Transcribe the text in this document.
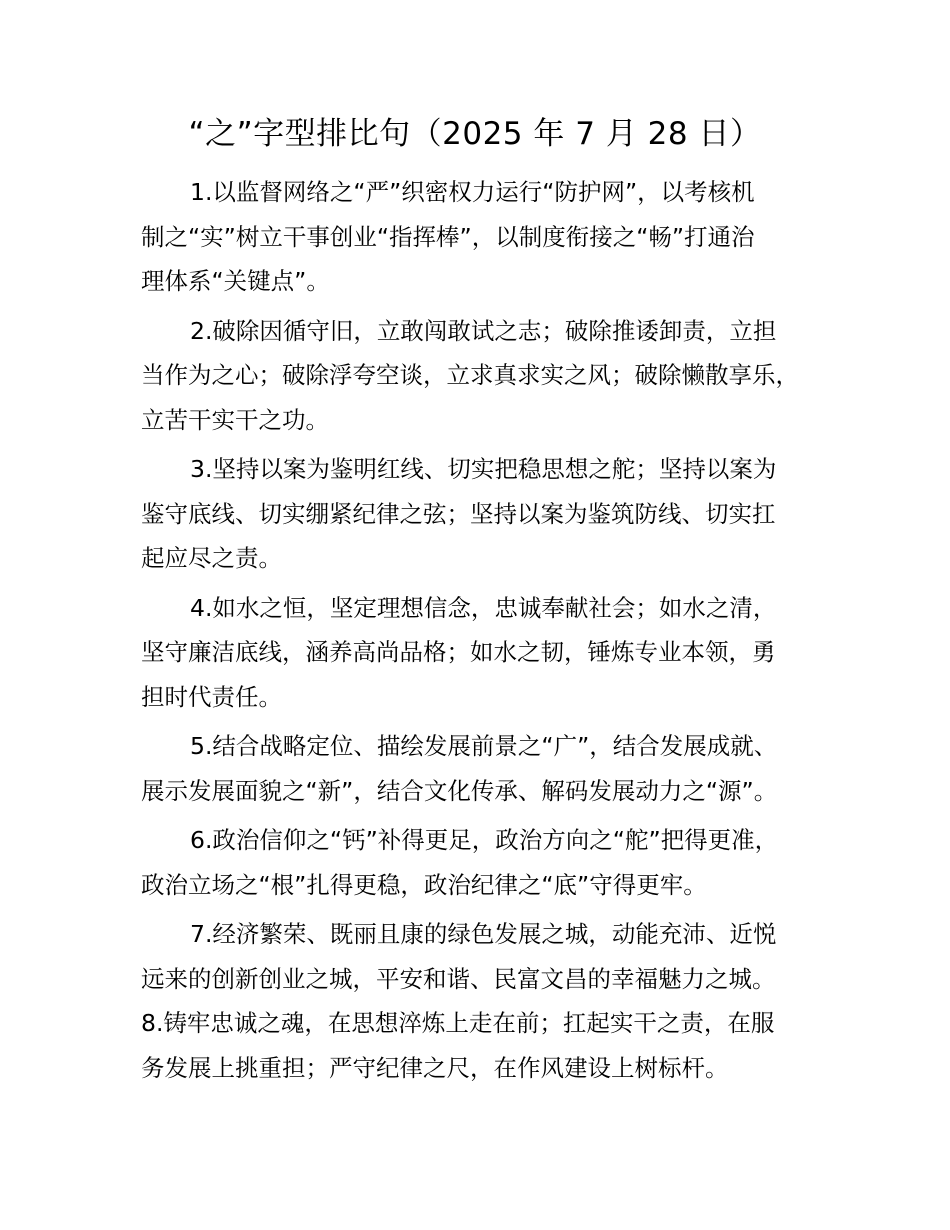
“之”字型排比句（2025 年 7 月 28 日）

1.以监督网络之“严”织密权力运行“防护网”，以考核机
制之“实”树立干事创业“指挥棒”，以制度衔接之“畅”打通治
理体系“关键点”。

2.破除因循守旧，立敢闯敢试之志；破除推诿卸责，立担
当作为之心；破除浮夸空谈，立求真求实之风；破除懒散享乐，
立苦干实干之功。

3.坚持以案为鉴明红线、切实把稳思想之舵；坚持以案为
鉴守底线、切实绷紧纪律之弦；坚持以案为鉴筑防线、切实扛
起应尽之责。

4.如水之恒，坚定理想信念，忠诚奉献社会；如水之清，
坚守廉洁底线，涵养高尚品格；如水之韧，锤炼专业本领，勇
担时代责任。

5.结合战略定位、描绘发展前景之“广”，结合发展成就、
展示发展面貌之“新”，结合文化传承、解码发展动力之“源”。

6.政治信仰之“钙”补得更足，政治方向之“舵”把得更准，
政治立场之“根”扎得更稳，政治纪律之“底”守得更牢。

7.经济繁荣、既丽且康的绿色发展之城，动能充沛、近悦
远来的创新创业之城，平安和谐、民富文昌的幸福魅力之城。

8.铸牢忠诚之魂，在思想淬炼上走在前；扛起实干之责，在服
务发展上挑重担；严守纪律之尺，在作风建设上树标杆。
